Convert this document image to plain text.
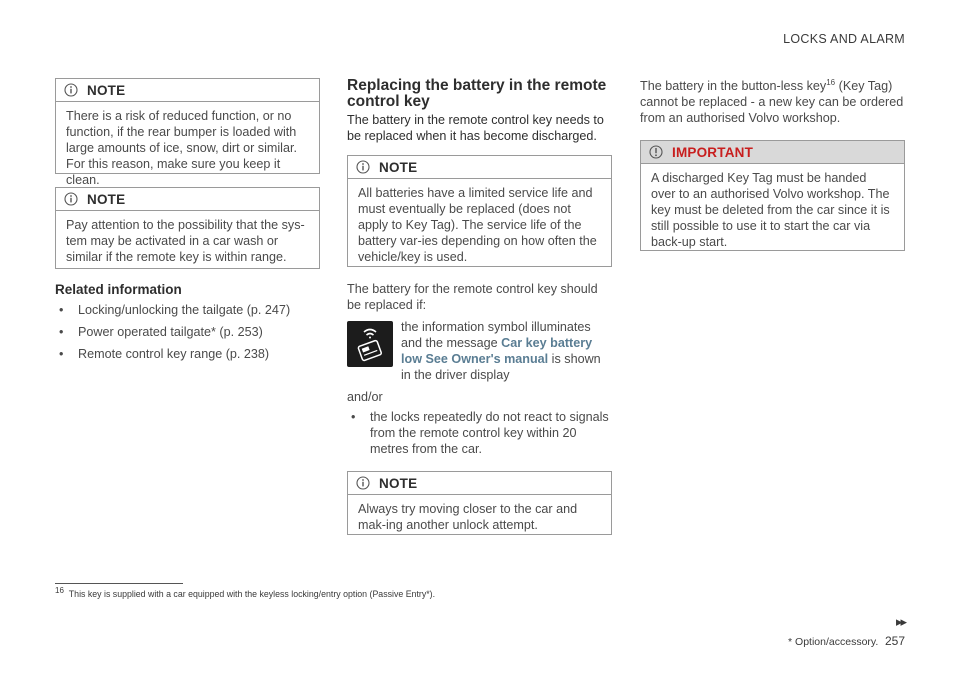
LOCKS AND ALARM
NOTE
There is a risk of reduced function, or no function, if the rear bumper is loaded with large amounts of ice, snow, dirt or similar. For this reason, make sure you keep it clean.
NOTE
Pay attention to the possibility that the sys-tem may be activated in a car wash or similar if the remote key is within range.
Related information
• Locking/unlocking the tailgate (p. 247)
• Power operated tailgate* (p. 253)
• Remote control key range (p. 238)
Replacing the battery in the remote control key
The battery in the remote control key needs to be replaced when it has become discharged.
NOTE
All batteries have a limited service life and must eventually be replaced (does not apply to Key Tag). The service life of the battery var-ies depending on how often the vehicle/key is used.
The battery for the remote control key should be replaced if:
the information symbol illuminates and the message Car key battery low See Owner's manual is shown in the driver display
and/or
• the locks repeatedly do not react to signals from the remote control key within 20 metres from the car.
NOTE
Always try moving closer to the car and mak-ing another unlock attempt.
The battery in the button-less key$^{16}$ (Key Tag) cannot be replaced - a new key can be ordered from an authorised Volvo workshop.
IMPORTANT
A discharged Key Tag must be handed over to an authorised Volvo workshop. The key must be deleted from the car since it is still possible to use it to start the car via back-up start.
$^{16}$ This key is supplied with a car equipped with the keyless locking/entry option (Passive Entry*).
▸▸
* Option/accessory. 257
